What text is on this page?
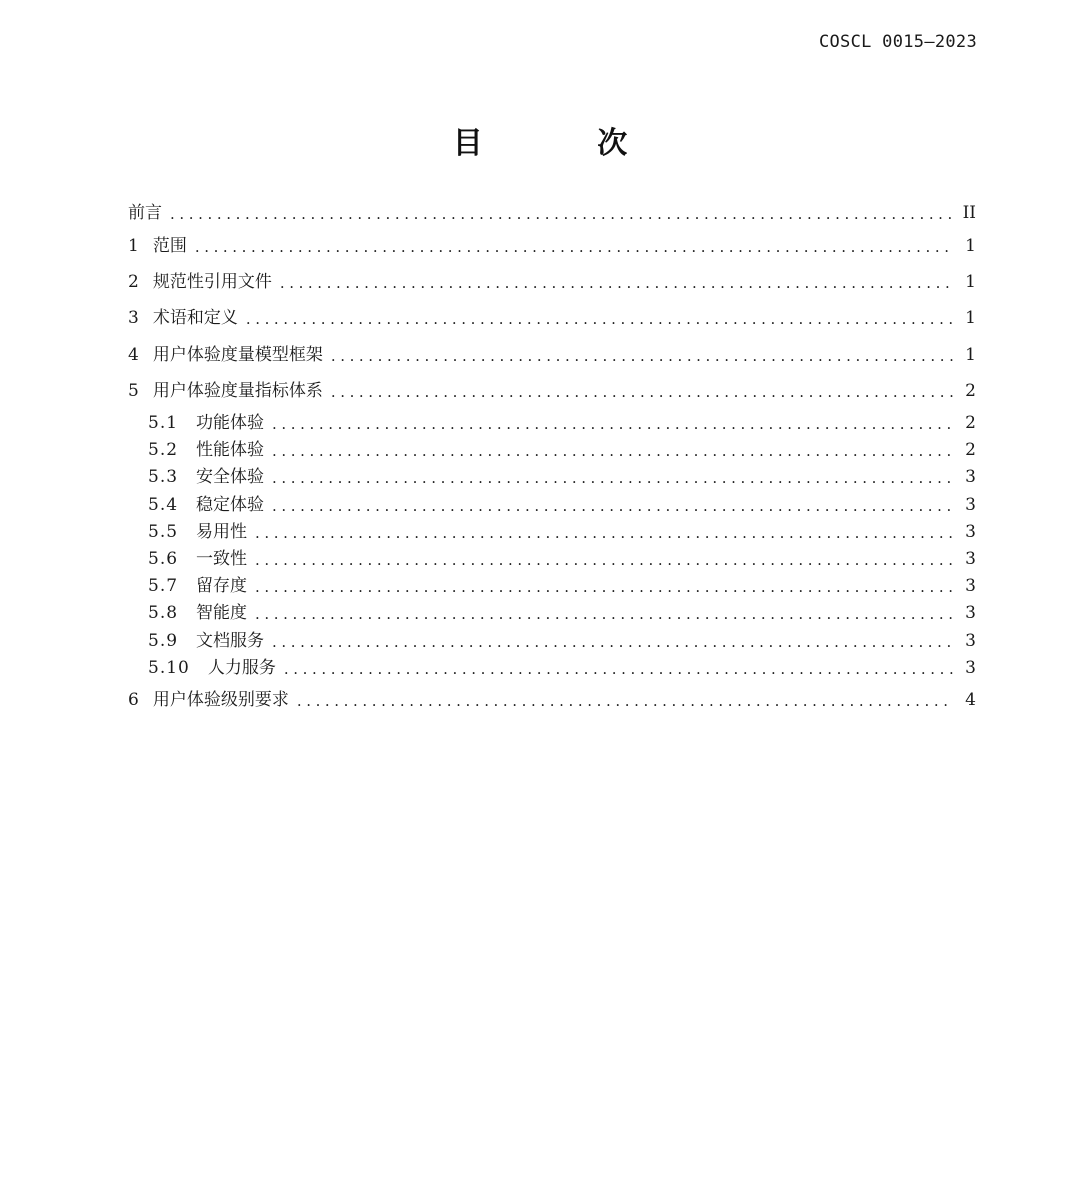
COSCL 0015—2023
目 次
前言 .....	II
1 范围 .....	1
2 规范性引用文件 .....	1
3 术语和定义 .....	1
4 用户体验度量模型框架 .....	1
5 用户体验度量指标体系 .....	2
5.1 功能体验 .....	2
5.2 性能体验 .....	2
5.3 安全体验 .....	3
5.4 稳定体验 .....	3
5.5 易用性 .....	3
5.6 一致性 .....	3
5.7 留存度 .....	3
5.8 智能度 .....	3
5.9 文档服务 .....	3
5.10 人力服务 .....	3
6 用户体验级别要求 .....	4
